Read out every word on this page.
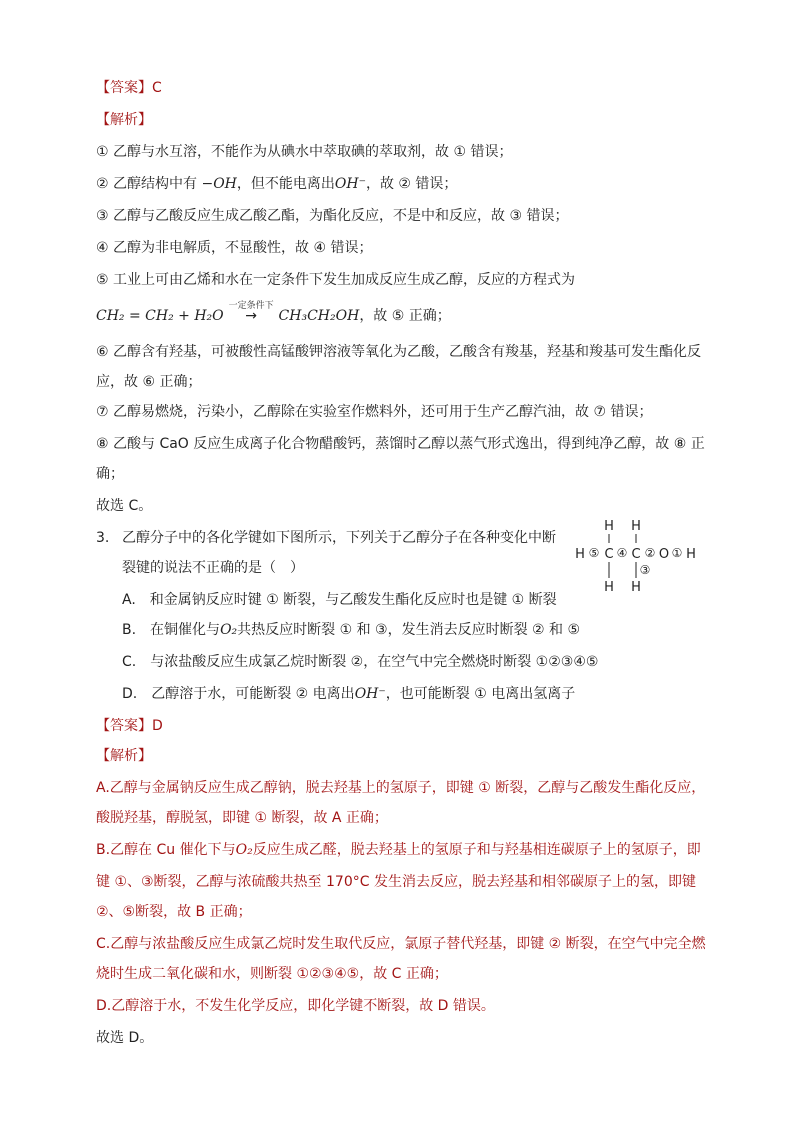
【答案】C
【解析】
① 乙醇与水互溶，不能作为从碘水中萃取碘的萃取剂，故 ① 错误；
② 乙醇结构中有 −OH，但不能电离出OH⁻，故 ② 错误；
③ 乙醇与乙酸反应生成乙酸乙酯，为酯化反应，不是中和反应，故 ③ 错误；
④ 乙醇为非电解质，不显酸性，故 ④ 错误；
⑤ 工业上可由乙烯和水在一定条件下发生加成反应生成乙醇，反应的方程式为
CH₂ = CH₂ + H₂O
一定条件下
→ CH₃CH₂OH，故 ⑤ 正确；
⑥ 乙醇含有羟基，可被酸性高锰酸钾溶液等氧化为乙酸，乙酸含有羧基，羟基和羧基可发生酯化反
应，故 ⑥ 正确；
⑦ 乙醇易燃烧，污染小，乙醇除在实验室作燃料外，还可用于生产乙醇汽油，故 ⑦ 错误；
⑧ 乙酸与 CaO 反应生成离子化合物醋酸钙，蒸馏时乙醇以蒸气形式逸出，得到纯净乙醇，故 ⑧ 正
确；
故选 C。
3. 乙醇分子中的各化学键如下图所示，下列关于乙醇分子在各种变化中断
裂键的说法不正确的是（　）
H H
H ⑤ C ④ C ② O ① H
③
H H
A.　和金属钠反应时键 ① 断裂，与乙酸发生酯化反应时也是键 ① 断裂
B.　在铜催化与O₂共热反应时断裂 ① 和 ③，发生消去反应时断裂 ② 和 ⑤
C.　与浓盐酸反应生成氯乙烷时断裂 ②，在空气中完全燃烧时断裂 ①②③④⑤
D.　乙醇溶于水，可能断裂 ② 电离出OH⁻，也可能断裂 ① 电离出氢离子
【答案】D
【解析】
A.乙醇与金属钠反应生成乙醇钠，脱去羟基上的氢原子，即键 ① 断裂，乙醇与乙酸发生酯化反应，
酸脱羟基，醇脱氢，即键 ① 断裂，故 A 正确；
B.乙醇在 Cu 催化下与O₂反应生成乙醛，脱去羟基上的氢原子和与羟基相连碳原子上的氢原子，即
键 ①、③断裂，乙醇与浓硫酸共热至 170°C 发生消去反应，脱去羟基和相邻碳原子上的氢，即键
②、⑤断裂，故 B 正确；
C.乙醇与浓盐酸反应生成氯乙烷时发生取代反应，氯原子替代羟基，即键 ② 断裂，在空气中完全燃
烧时生成二氧化碳和水，则断裂 ①②③④⑤，故 C 正确；
D.乙醇溶于水，不发生化学反应，即化学键不断裂，故 D 错误。
故选 D。
